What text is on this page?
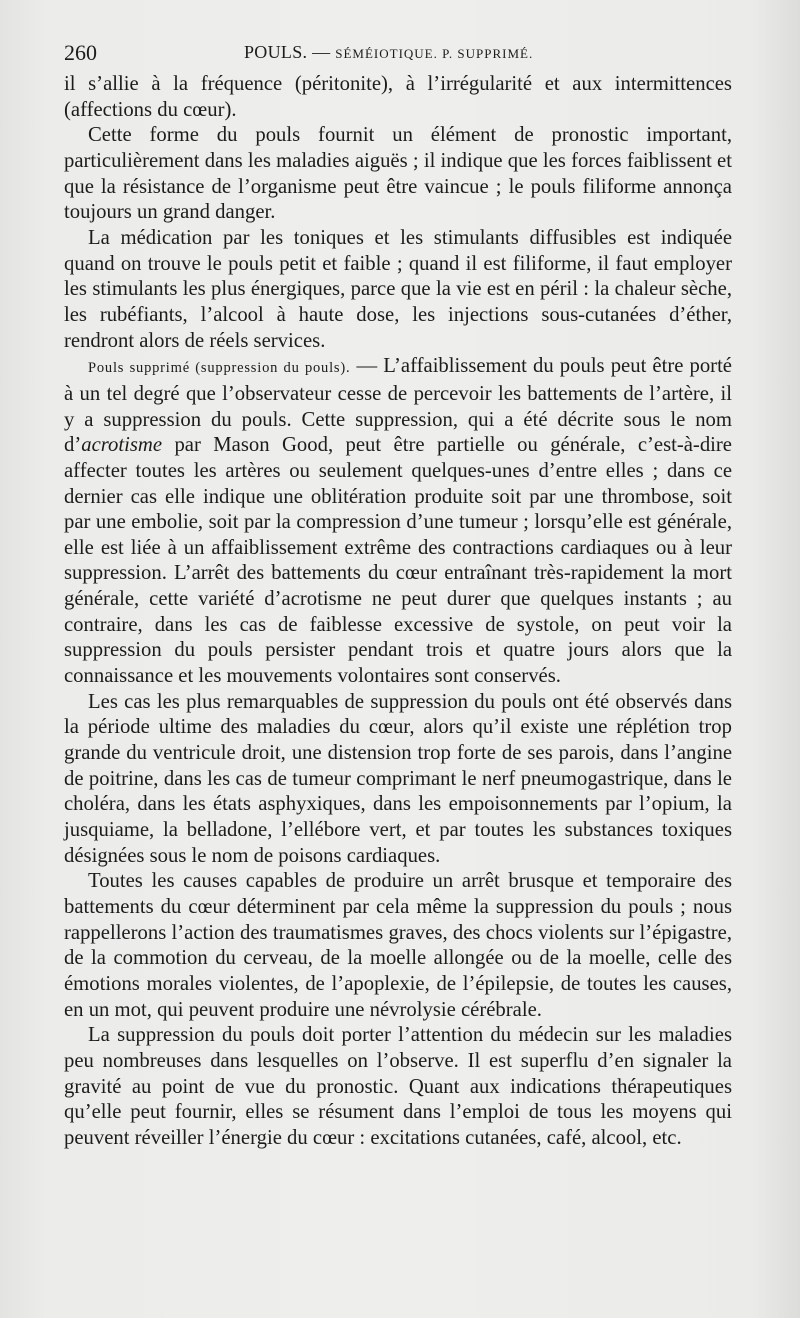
260	POULS. — SÉMÉIOTIQUE. P. SUPPRIMÉ.

il s’allie à la fréquence (péritonite), à l’irrégularité et aux intermittences (affections du cœur).

Cette forme du pouls fournit un élément de pronostic important, particulièrement dans les maladies aiguës ; il indique que les forces faiblissent et que la résistance de l’organisme peut être vaincue ; le pouls filiforme annonça toujours un grand danger.

La médication par les toniques et les stimulants diffusibles est indiquée quand on trouve le pouls petit et faible ; quand il est filiforme, il faut employer les stimulants les plus énergiques, parce que la vie est en péril : la chaleur sèche, les rubéfiants, l’alcool à haute dose, les injections sous-cutanées d’éther, rendront alors de réels services.

Pouls supprimé (suppression du pouls). — L’affaiblissement du pouls peut être porté à un tel degré que l’observateur cesse de percevoir les battements de l’artère, il y a suppression du pouls. Cette suppression, qui a été décrite sous le nom d’acrotisme par Mason Good, peut être partielle ou générale, c’est-à-dire affecter toutes les artères ou seulement quelques-unes d’entre elles ; dans ce dernier cas elle indique une oblitération produite soit par une thrombose, soit par une embolie, soit par la compression d’une tumeur ; lorsqu’elle est générale, elle est liée à un affaiblissement extrême des contractions cardiaques ou à leur suppression. L’arrêt des battements du cœur entraînant très-rapidement la mort générale, cette variété d’acrotisme ne peut durer que quelques instants ; au contraire, dans les cas de faiblesse excessive de systole, on peut voir la suppression du pouls persister pendant trois et quatre jours alors que la connaissance et les mouvements volontaires sont conservés.

Les cas les plus remarquables de suppression du pouls ont été observés dans la période ultime des maladies du cœur, alors qu’il existe une réplétion trop grande du ventricule droit, une distension trop forte de ses parois, dans l’angine de poitrine, dans les cas de tumeur comprimant le nerf pneumogastrique, dans le choléra, dans les états asphyxiques, dans les empoisonnements par l’opium, la jusquiame, la belladone, l’ellébore vert, et par toutes les substances toxiques désignées sous le nom de poisons cardiaques.

Toutes les causes capables de produire un arrêt brusque et temporaire des battements du cœur déterminent par cela même la suppression du pouls ; nous rappellerons l’action des traumatismes graves, des chocs violents sur l’épigastre, de la commotion du cerveau, de la moelle allongée ou de la moelle, celle des émotions morales violentes, de l’apoplexie, de l’épilepsie, de toutes les causes, en un mot, qui peuvent produire une névrolysie cérébrale.

La suppression du pouls doit porter l’attention du médecin sur les maladies peu nombreuses dans lesquelles on l’observe. Il est superflu d’en signaler la gravité au point de vue du pronostic. Quant aux indications thérapeutiques qu’elle peut fournir, elles se résument dans l’emploi de tous les moyens qui peuvent réveiller l’énergie du cœur : excitations cutanées, café, alcool, etc.
